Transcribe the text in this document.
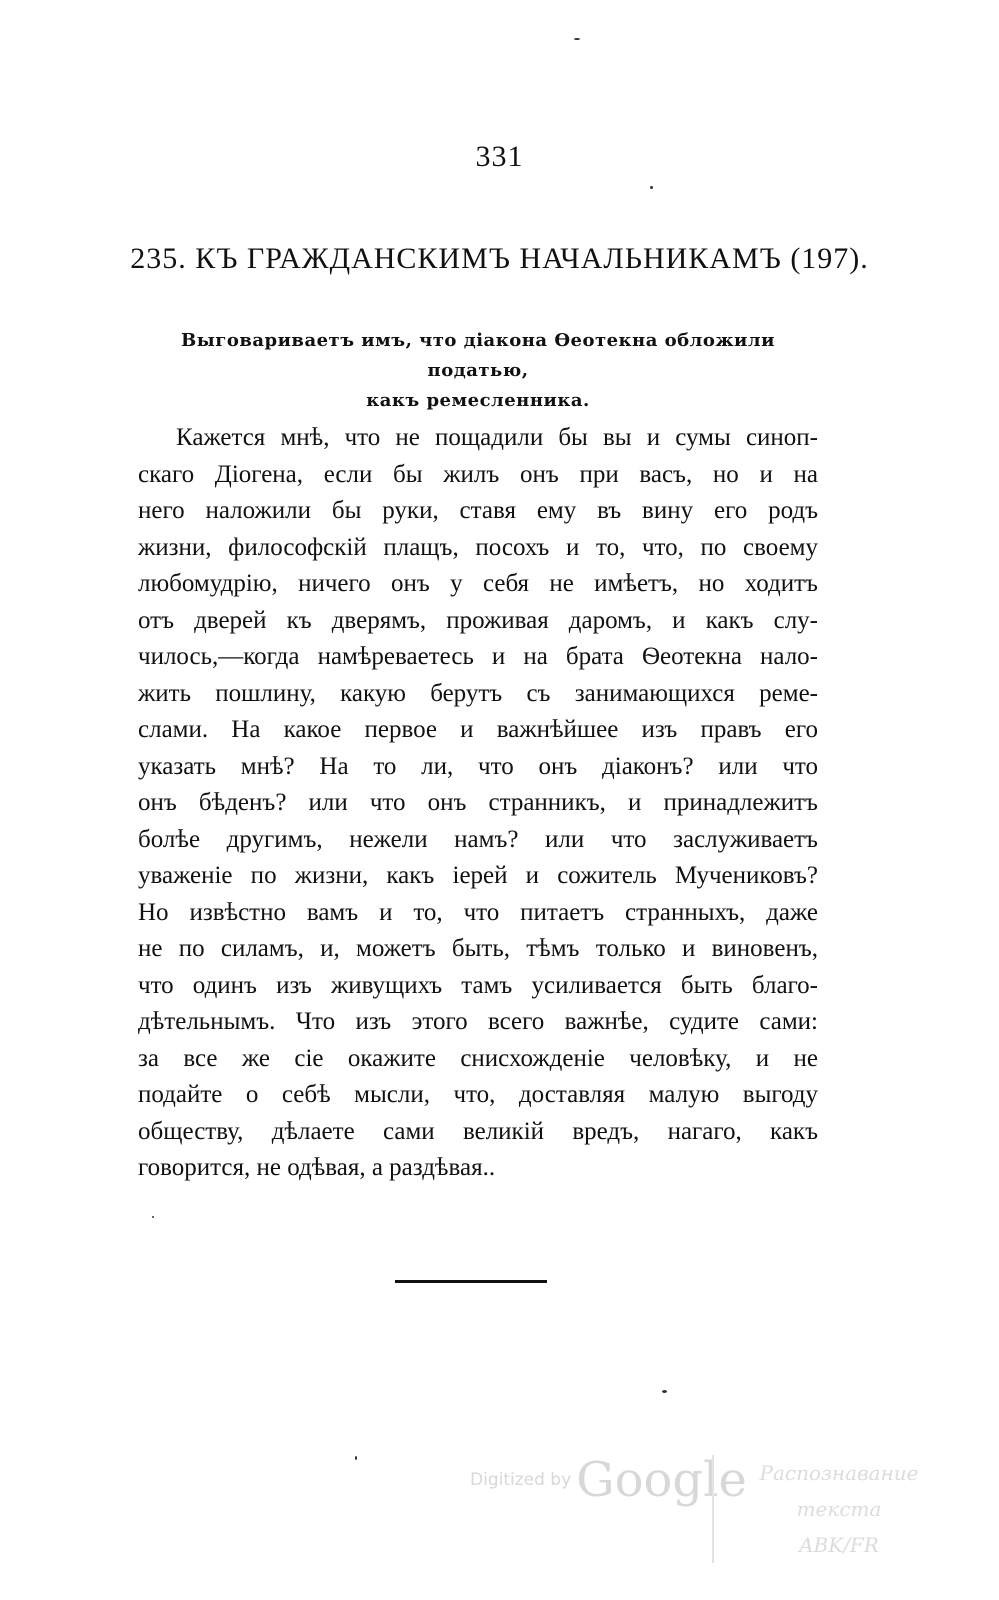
331
235. КЪ ГРАЖДАНСКИМЪ НАЧАЛЬНИКАМЪ (197).
Выговариваетъ имъ, что діакона Ѳеотекна обложили податью,
какъ ремесленника.
Кажется мнѣ, что не пощадили бы вы и сумы синоп-
скаго Діогена, если бы жилъ онъ при васъ, но и на
него наложили бы руки, ставя ему въ вину его родъ
жизни, философскій плащъ, посохъ и то, что, по своему
любомудрію, ничего онъ у себя не имѣетъ, но ходитъ
отъ дверей къ дверямъ, проживая даромъ, и какъ слу-
чилось,—когда намѣреваетесь и на брата Ѳеотекна нало-
жить пошлину, какую берутъ съ занимающихся реме-
слами. На какое первое и важнѣйшее изъ правъ его
указать мнѣ? На то ли, что онъ діаконъ? или что
онъ бѣденъ? или что онъ странникъ, и принадлежитъ
болѣе другимъ, нежели намъ? или что заслуживаетъ
уваженіе по жизни, какъ іерей и сожитель Мучениковъ?
Но извѣстно вамъ и то, что питаетъ странныхъ, даже
не по силамъ, и, можетъ быть, тѣмъ только и виновенъ,
что одинъ изъ живущихъ тамъ усиливается быть благо-
дѣтельнымъ. Что изъ этого всего важнѣе, судите сами:
за все же сіе окажите снисхожденіе человѣку, и не
подайте о себѣ мысли, что, доставляя малую выгоду
обществу, дѣлаете сами великій вредъ, нагаго, какъ
говорится, не одѣвая, а раздѣвая..
Digitized by Google Распознавание текста
ABK/FR
